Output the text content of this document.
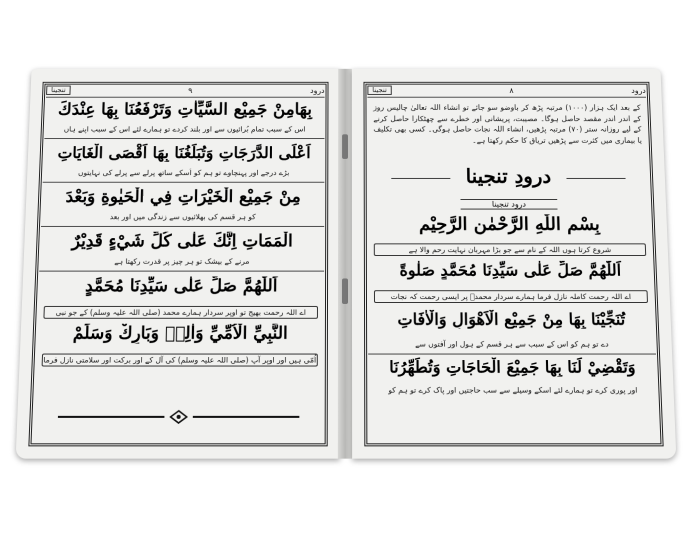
درود
۹
تنجینا
بِهَامِنْ جَمِيْعِ السَّيِّاٰتِ وَتَرْفَعُنَا بِهَا عِنْدَكَ
اس کے سبب تمام بُرائیوں سے اور بلند کردے تو ہمارے لئے اس کے سبب اپنے ہاں
اَعْلَى الدَّرَجَاتِ وَتُبَلِّغُنَا بِهَا اَقْصَى الْغَايَاتِ
بڑے درجے اور پہنچاوے تو ہم کو اُسکے ساتھ پرلے سے پرلے کی نہایتوں
مِنْ جَمِيْعِ الْخَيْرَاتِ فِي الْحَيٰوةِ وَبَعْدَ
کو ہر قسم کی بھلائیوں سے زندگی میں اور بعد
الْمَمَاتِ اِنَّكَ عَلٰى كُلِّ شَيْءٍ قَدِيْرٌ
مرنے کے بیشک تو ہر چیز پر قدرت رکھتا ہے
اَللّٰهُمَّ صَلِّ عَلٰى سَيِّدِنَا مُحَمَّدٍ
اے اللہ رحمت بھیج تو اوپر سردار ہمارے محمد (صلی اللہ علیہ وسلم) کے جو نبی
النَّبِيِّ الْاُمِّيِّ وَاٰلِهٖ وَبَارِكْ وَسَلِّمْ
اُمّی ہیں اور اوپر آپ (صلی اللہ علیہ وسلم) کی آل کے اور برکت اور سلامتی نازل فرما
درود
۸
تنجینا
کے بعد ایک ہزار (۱۰۰۰) مرتبہ پڑھ کر باوضو سو جائے تو انشاء اللہ تعالیٰ چالیس روز کے اندر اندر مقصد حاصل ہوگا۔ مصیبت، پریشانی اور خطرے سے چھٹکارا حاصل کرنے کے لیے روزانہ ستر (۷۰) مرتبہ پڑھیں، انشاء اللہ نجات حاصل ہوگی۔ کسی بھی تکلیف یا بیماری میں کثرت سے پڑھیں تریاق کا حکم رکھتا ہے۔
درودِ تنجینا
درود تنجینا
بِسْمِ اللّٰهِ الرَّحْمٰنِ الرَّحِيْمِ
شروع کرتا ہوں اللہ کے نام سے جو بڑا مہربان نہایت رحم والا ہے
اَللّٰهُمَّ صَلِّ عَلٰى سَيِّدِنَا مُحَمَّدٍ صَلٰوةً
اے اللہ رحمت کاملہ نازل فرما ہمارے سردار محمدؐ پر ایسی رحمت کہ نجات
تُنَجِّيْنَا بِهَا مِنْ جَمِيْعِ الْاَهْوَالِ وَالْاٰفَاتِ
دے تو ہم کو اس کے سبب سے ہر قسم کے ہول اور آفتوں سے
وَتَقْضِيْ لَنَا بِهَا جَمِيْعَ الْحَاجَاتِ وَتُطَهِّرُنَا
اور پوری کرے تو ہمارے لئے اسکے وسیلے سے سب حاجتیں اور پاک کرے تو ہم کو
